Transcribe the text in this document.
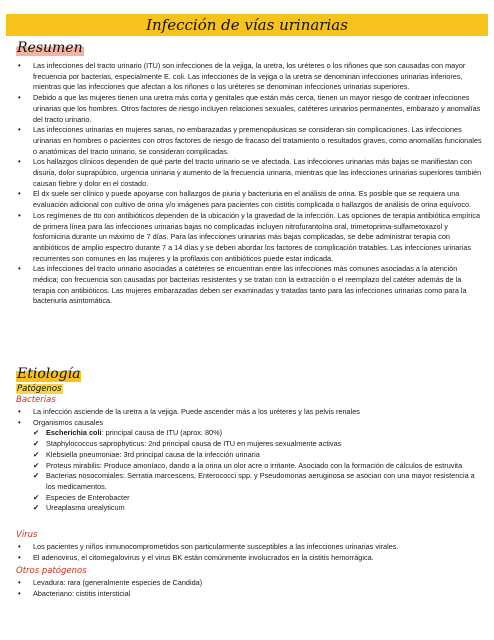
Infección de vías urinarias
Resumen
• Las infecciones del tracto urinario (ITU) son infecciones de la vejiga, la uretra, los uréteres o los riñones que son causadas con mayor frecuencia por bacterias, especialmente E. coli. Las infecciones de la vejiga o la uretra se denominan infecciones urinarias inferiores, mientras que las infecciones que afectan a los riñones o los uréteres se denominan infecciones urinarias superiores.
• Debido a que las mujeres tienen una uretra más corta y genitales que están más cerca, tienen un mayor riesgo de contraer infecciones urinarias que los hombres. Otros factores de riesgo incluyen relaciones sexuales, catéteres urinarios permanentes, embarazo y anomalías del tracto urinario.
• Las infecciones urinarias en mujeres sanas, no embarazadas y premenopáusicas se consideran sin complicaciones. Las infecciones urinarias en hombres o pacientes con otros factores de riesgo de fracaso del tratamiento o resultados graves, como anomalías funcionales o anatómicas del tracto urinario, se consideran complicadas.
• Los hallazgos clínicos dependen de qué parte del tracto urinario se ve afectada. Las infecciones urinarias más bajas se manifiestan con disuria, dolor suprapúbico, urgencia urinaria y aumento de la frecuencia urinaria, mientras que las infecciones urinarias superiores también causan fiebre y dolor en el costado.
• El dx suele ser clínico y puede apoyarse con hallazgos de piuria y bacteriuria en el análisis de orina. Es posible que se requiera una evaluación adicional con cultivo de orina y/o imágenes para pacientes con cistitis complicada o hallazgos de análisis de orina equívoco.
• Los regímenes de tto con antibióticos dependen de la ubicación y la gravedad de la infección. Las opciones de terapia antibiótica empírica de primera línea para las infecciones urinarias bajas no complicadas incluyen nitrofurantoína oral, trimetoprima-sulfametoxazol y fosfomicina durante un máximo de 7 días. Para las infecciones urinarias más bajas complicadas, se debe administrar terapia con antibióticos de amplio espectro durante 7 a 14 días y se deben abordar los factores de complicación tratables. Las infecciones urinarias recurrentes son comunes en las mujeres y la profilaxis con antibióticos puede estar indicada.
• Las infecciones del tracto urinario asociadas a catéteres se encuentran entre las infecciones más comunes asociadas a la atención médica; con frecuencia son causadas por bacterias resistentes y se tratan con la extracción o el reemplazo del catéter además de la terapia con antibióticos. Las mujeres embarazadas deben ser examinadas y tratadas tanto para las infecciones urinarias como para la bacteriuria asintomática.
Etiología
Patógenos
Bacterias
• La infección asciende de la uretra a la vejiga. Puede ascender más a los uréteres y las pelvis renales
• Organismos causales
✔ Escherichia coli: principal causa de ITU (aprox. 80%)
✔ Staphylococcus saprophyticus: 2nd principal causa de ITU en mujeres sexualmente activas
✔ Klebsiella pneumoniae: 3rd principal causa de la infección urinaria
✔ Proteus mirabilis: Produce amoníaco, dando a la orina un olor acre o irritante. Asociado con la formación de cálculos de estruvita
✔ Bacterias nosocomiales: Serratia marcescens, Enterococci spp. y Pseudomonas aeruginosa se asocian con una mayor resistencia a los medicamentos.
✔ Especies de Enterobacter
✔ Ureaplasma urealyticum
Virus
• Los pacientes y niños inmunocomprometidos son particularmente susceptibles a las infecciones urinarias virales.
• El adenovirus, el citomegalovirus y el virus BK están comúnmente involucrados en la cistitis hemorrágica.
Otros patógenos
• Levadura: rara (generalmente especies de Candida)
• Abacteriano: cistitis intersticial
